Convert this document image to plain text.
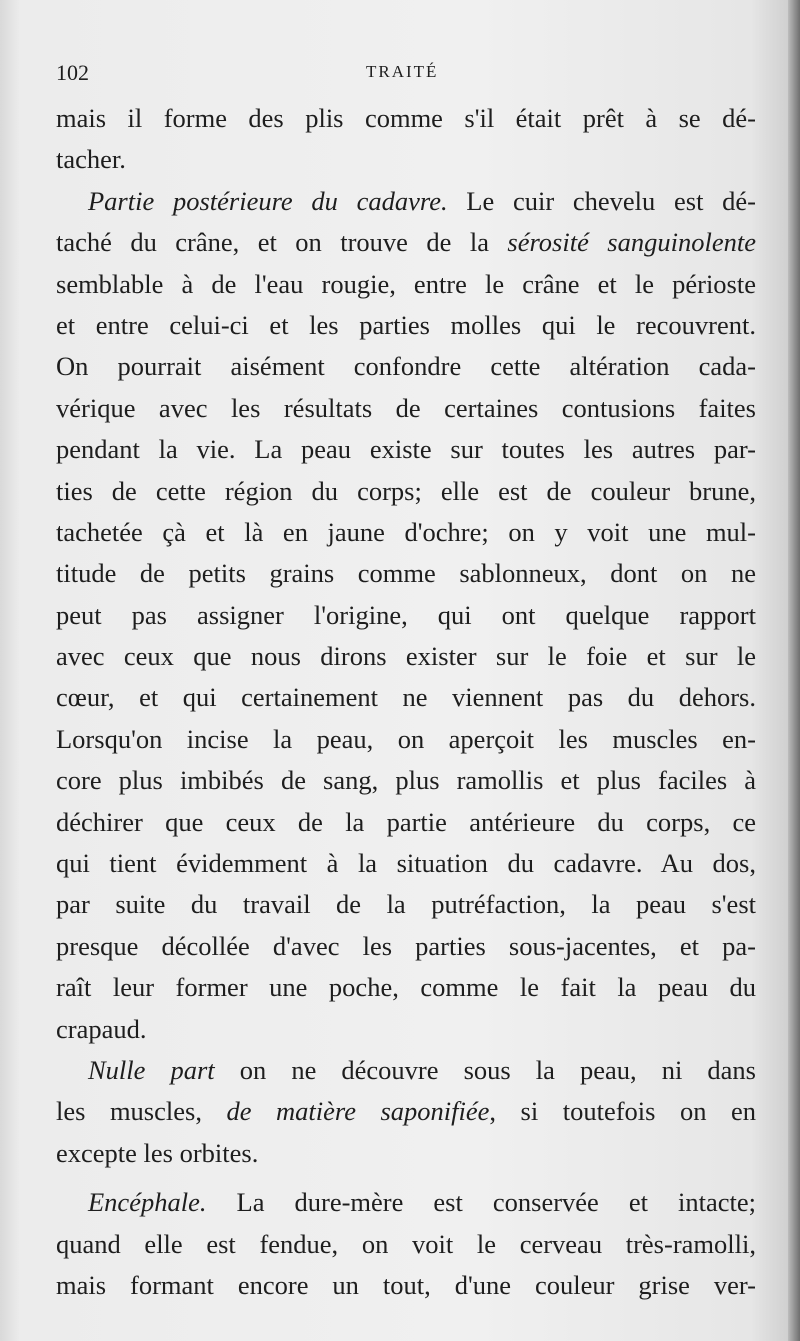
102	TRAITÉ
mais il forme des plis comme s'il était prêt à se dé-
tacher.
Partie postérieure du cadavre. Le cuir chevelu est dé-
taché du crâne, et on trouve de la sérosité sanguinolente
semblable à de l'eau rougie, entre le crâne et le périoste
et entre celui-ci et les parties molles qui le recouvrent.
On pourrait aisément confondre cette altération cada-
vérique avec les résultats de certaines contusions faites
pendant la vie. La peau existe sur toutes les autres par-
ties de cette région du corps; elle est de couleur brune,
tachetée çà et là en jaune d'ochre; on y voit une mul-
titude de petits grains comme sablonneux, dont on ne
peut pas assigner l'origine, qui ont quelque rapport
avec ceux que nous dirons exister sur le foie et sur le
cœur, et qui certainement ne viennent pas du dehors.
Lorsqu'on incise la peau, on aperçoit les muscles en-
core plus imbibés de sang, plus ramollis et plus faciles à
déchirer que ceux de la partie antérieure du corps, ce
qui tient évidemment à la situation du cadavre. Au dos,
par suite du travail de la putréfaction, la peau s'est
presque décollée d'avec les parties sous-jacentes, et pa-
raît leur former une poche, comme le fait la peau du
crapaud.
Nulle part on ne découvre sous la peau, ni dans
les muscles, de matière saponifiée, si toutefois on en
excepte les orbites.
Encéphale. La dure-mère est conservée et intacte;
quand elle est fendue, on voit le cerveau très-ramolli,
mais formant encore un tout, d'une couleur grise ver-
